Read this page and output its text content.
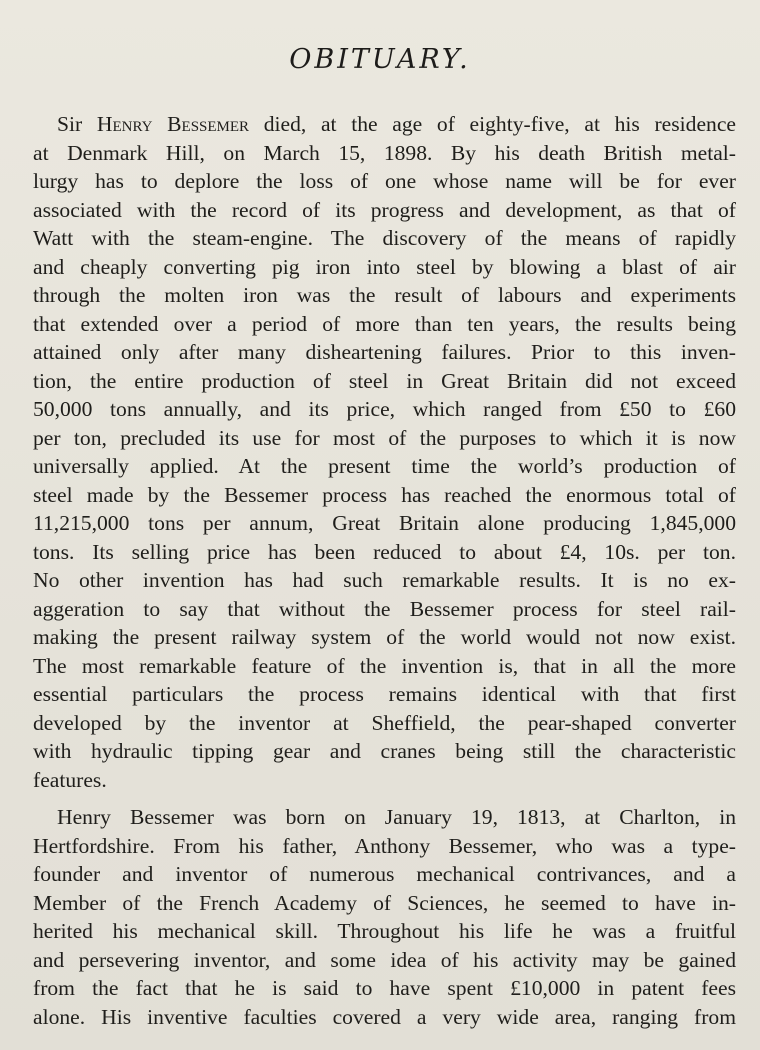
OBITUARY.
Sir Henry Bessemer died, at the age of eighty-five, at his residence
at Denmark Hill, on March 15, 1898. By his death British metal-
lurgy has to deplore the loss of one whose name will be for ever
associated with the record of its progress and development, as that of
Watt with the steam-engine. The discovery of the means of rapidly
and cheaply converting pig iron into steel by blowing a blast of air
through the molten iron was the result of labours and experiments
that extended over a period of more than ten years, the results being
attained only after many disheartening failures. Prior to this inven-
tion, the entire production of steel in Great Britain did not exceed
50,000 tons annually, and its price, which ranged from £50 to £60
per ton, precluded its use for most of the purposes to which it is now
universally applied. At the present time the world’s production of
steel made by the Bessemer process has reached the enormous total of
11,215,000 tons per annum, Great Britain alone producing 1,845,000
tons. Its selling price has been reduced to about £4, 10s. per ton.
No other invention has had such remarkable results. It is no ex-
aggeration to say that without the Bessemer process for steel rail-
making the present railway system of the world would not now exist.
The most remarkable feature of the invention is, that in all the more
essential particulars the process remains identical with that first
developed by the inventor at Sheffield, the pear-shaped converter
with hydraulic tipping gear and cranes being still the characteristic
features.
Henry Bessemer was born on January 19, 1813, at Charlton, in
Hertfordshire. From his father, Anthony Bessemer, who was a type-
founder and inventor of numerous mechanical contrivances, and a
Member of the French Academy of Sciences, he seemed to have in-
herited his mechanical skill. Throughout his life he was a fruitful
and persevering inventor, and some idea of his activity may be gained
from the fact that he is said to have spent £10,000 in patent fees
alone. His inventive faculties covered a very wide area, ranging from
